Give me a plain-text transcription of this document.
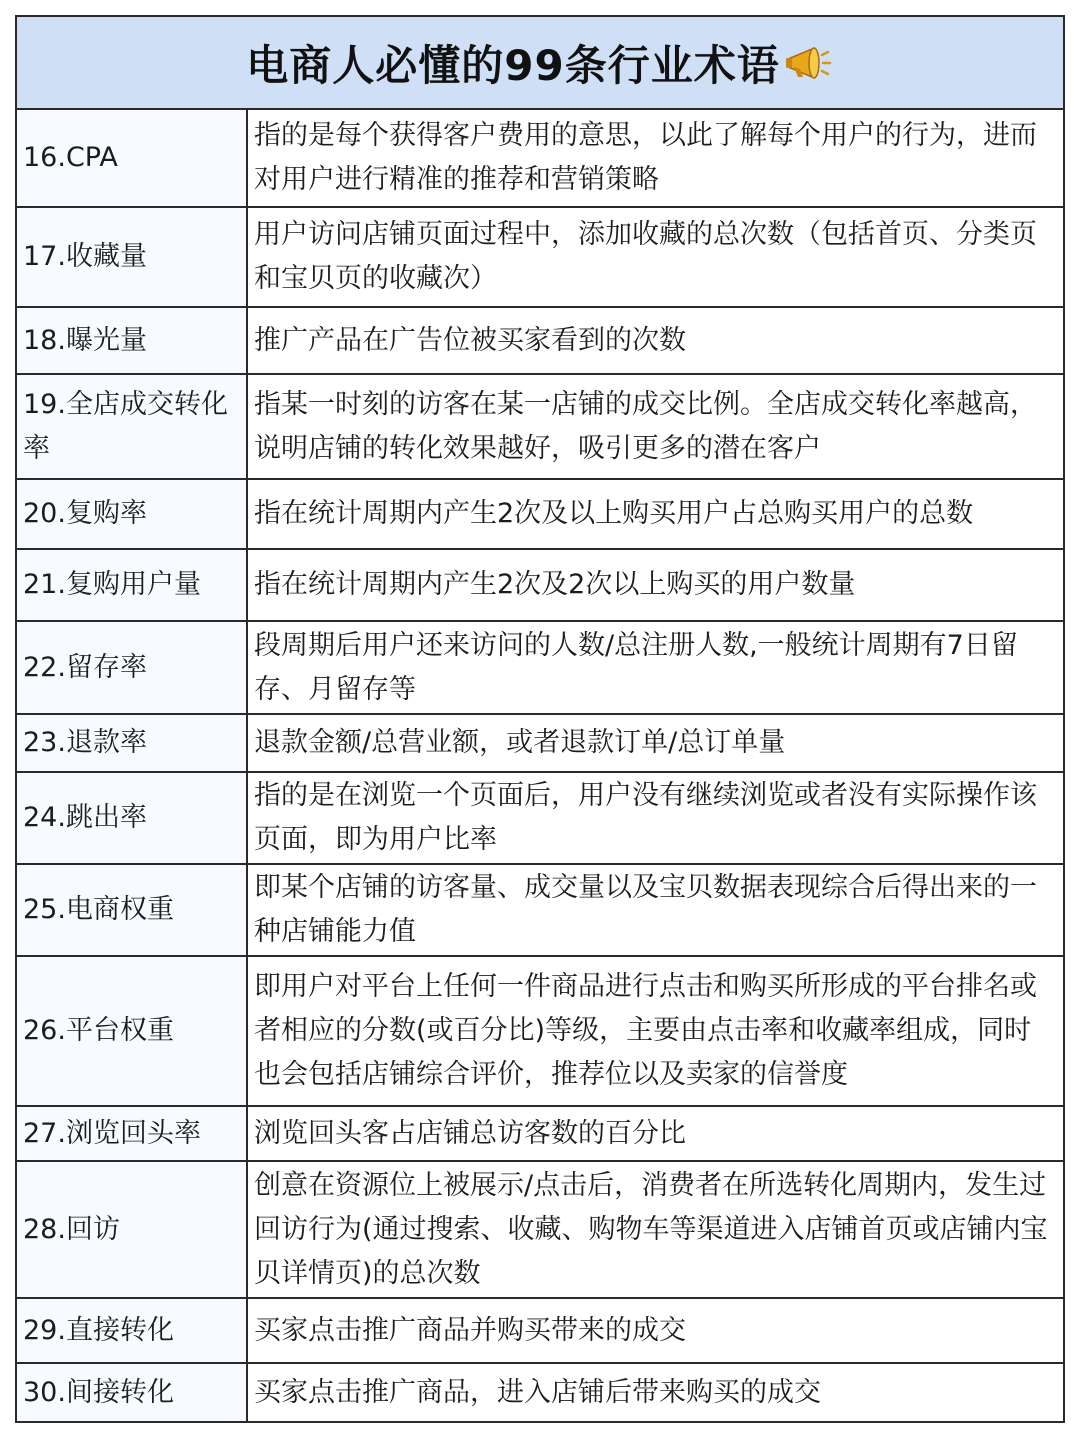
电商人必懂的99条行业术语
16.CPA	指的是每个获得客户费用的意思，以此了解每个用户的行为，进而对用户进行精准的推荐和营销策略
17.收藏量	用户访问店铺页面过程中，添加收藏的总次数（包括首页、分类页和宝贝页的收藏次）
18.曝光量	推广产品在广告位被买家看到的次数
19.全店成交转化率	指某一时刻的访客在某一店铺的成交比例。全店成交转化率越高，说明店铺的转化效果越好，吸引更多的潜在客户
20.复购率	指在统计周期内产生2次及以上购买用户占总购买用户的总数
21.复购用户量	指在统计周期内产生2次及2次以上购买的用户数量
22.留存率	段周期后用户还来访问的人数/总注册人数,一般统计周期有7日留存、月留存等
23.退款率	退款金额/总营业额，或者退款订单/总订单量
24.跳出率	指的是在浏览一个页面后，用户没有继续浏览或者没有实际操作该页面，即为用户比率
25.电商权重	即某个店铺的访客量、成交量以及宝贝数据表现综合后得出来的一种店铺能力值
26.平台权重	即用户对平台上任何一件商品进行点击和购买所形成的平台排名或者相应的分数(或百分比)等级，主要由点击率和收藏率组成，同时也会包括店铺综合评价，推荐位以及卖家的信誉度
27.浏览回头率	浏览回头客占店铺总访客数的百分比
28.回访	创意在资源位上被展示/点击后，消费者在所选转化周期内，发生过回访行为(通过搜索、收藏、购物车等渠道进入店铺首页或店铺内宝贝详情页)的总次数
29.直接转化	买家点击推广商品并购买带来的成交
30.间接转化	买家点击推广商品，进入店铺后带来购买的成交
